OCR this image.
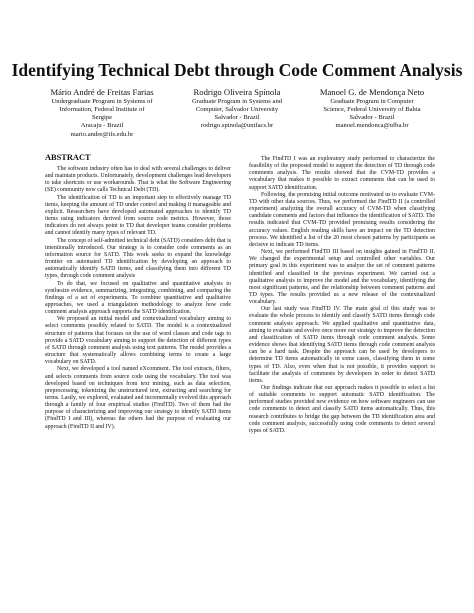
Identifying Technical Debt through Code Comment Analysis
Mário André de Freitas Farias
Undergraduate Program in Systems of
Information, Federal Institute of
Sergipe
Aracaju - Brazil
mario.andre@ifs.edu.br
Rodrigo Oliveira Spínola
Graduate Program in Systems and
Computer, Salvador University
Salvador - Brazil
rodrigo.spinola@unifacs.br
Manoel G. de Mendonça Neto
Graduate Program in Computer
Science, Federal University of Bahia
Salvador - Brazil
manoel.mendonca@ufba.br
ABSTRACT

The software industry often has to deal with several challenges to deliver and maintain products. Unfortunately, development challenges lead developers to take shortcuts or use workarounds. That is what the Software Engineering (SE) community now calls Technical Debt (TD).

The identification of TD is an important step to effectively manage TD items, keeping the amount of TD under control and making it manageable and explicit. Researchers have developed automated approaches to identify TD items using indicators derived from source code metrics. However, those indicators do not always point to TD that developer teams consider problems and cannot identify many types of relevant TD.

The concept of self-admitted technical debt (SATD) considers debt that is intentionally introduced. Our strategy is to consider code comments as an information source for SATD. This work seeks to expand the knowledge frontier on automated TD identification by developing an approach to automatically identify SATD items, and classifying them into different TD types, through code comment analysis

To do that, we focused on qualitative and quantitative analysis to synthesize evidence, summarizing, integrating, combining, and comparing the findings of a set of experiments. To combine quantitative and qualitative approaches, we used a triangulation methodology to analyze how code comment analysis approach supports the SATD identification.

We proposed an initial model and contextualized vocabulary aiming to select comments possibly related to SATD. The model is a contextualized structure of patterns that focuses on the use of word classes and code tags to provide a SATD vocabulary aiming to support the detection of different types of SATD through comment analysis using text patterns. The model provides a structure that systematically allows combining terms to create a large vocabulary on SATD.

Next, we developed a tool named eXcomment. The tool extracts, filters, and selects comments from source code using the vocabulary. The tool was developed based on techniques from text mining, such as data selection, preprocessing, tokenizing the unstructured text, extracting and searching for terms. Lastly, we explored, evaluated and incrementally evolved this approach through a family of four empirical studies (FindTD). Two of them had the purpose of characterizing and improving our strategy to identify SATD items (FindTD I and III), whereas the others had the purpose of evaluating our approach (FindTD II and IV).

The FindTD I was an exploratory study performed to characterize the feasibility of the proposed model to support the detection of TD through code comments analysis. The results showed that the CVM-TD provides a vocabulary that makes it possible to extract comments that can be used to support SATD identification.

Following, the promising initial outcome motivated us to evaluate CVM-TD with other data sources. Thus, we performed the FindTD II (a controlled experiment) analyzing the overall accuracy of CVM-TD when classifying candidate comments and factors that influence the identification of SATD. The results indicated that CVM-TD provided promising results considering the accuracy values. English reading skills have an impact on the TD detection process. We identified a list of the 20 most chosen patterns by participants as decisive to indicate TD items.

Next, we performed FindTD III based on insights gained in FindTD II. We changed the experimental setup and controlled other variables. Our primary goal in this experiment was to analyze the set of comment patterns identified and classified in the previous experiment. We carried out a qualitative analysis to improve the model and the vocabulary, identifying the most significant patterns, and the relationship between comment patterns and TD types. The results provided us a new release of the contextualized vocabulary.

Our last study was FindTD IV. The main goal of this study was to evaluate the whole process to identify and classify SATD items through code comment analysis approach. We applied qualitative and quantitative data, aiming to evaluate and evolve once more our strategy to improve the detection and classification of SATD items through code comment analysis. Some evidence shows that identifying SATD items through code comment analysis can be a hard task. Despite the approach can be used by developers to determine TD items automatically in some cases, classifying them in some types of TD. Also, even when that is not possible, it provides support to facilitate the analysis of comments by developers in order to detect SATD items.

Our findings indicate that our approach makes it possible to select a list of suitable comments to support automatic SATD identification. The performed studies provided new evidence on how software engineers can use code comments to detect and classify SATD items automatically. Thus, this research contributes to bridge the gap between the TD identification area and code comment analysis, successfully using code comments to detect several types of SATD.
